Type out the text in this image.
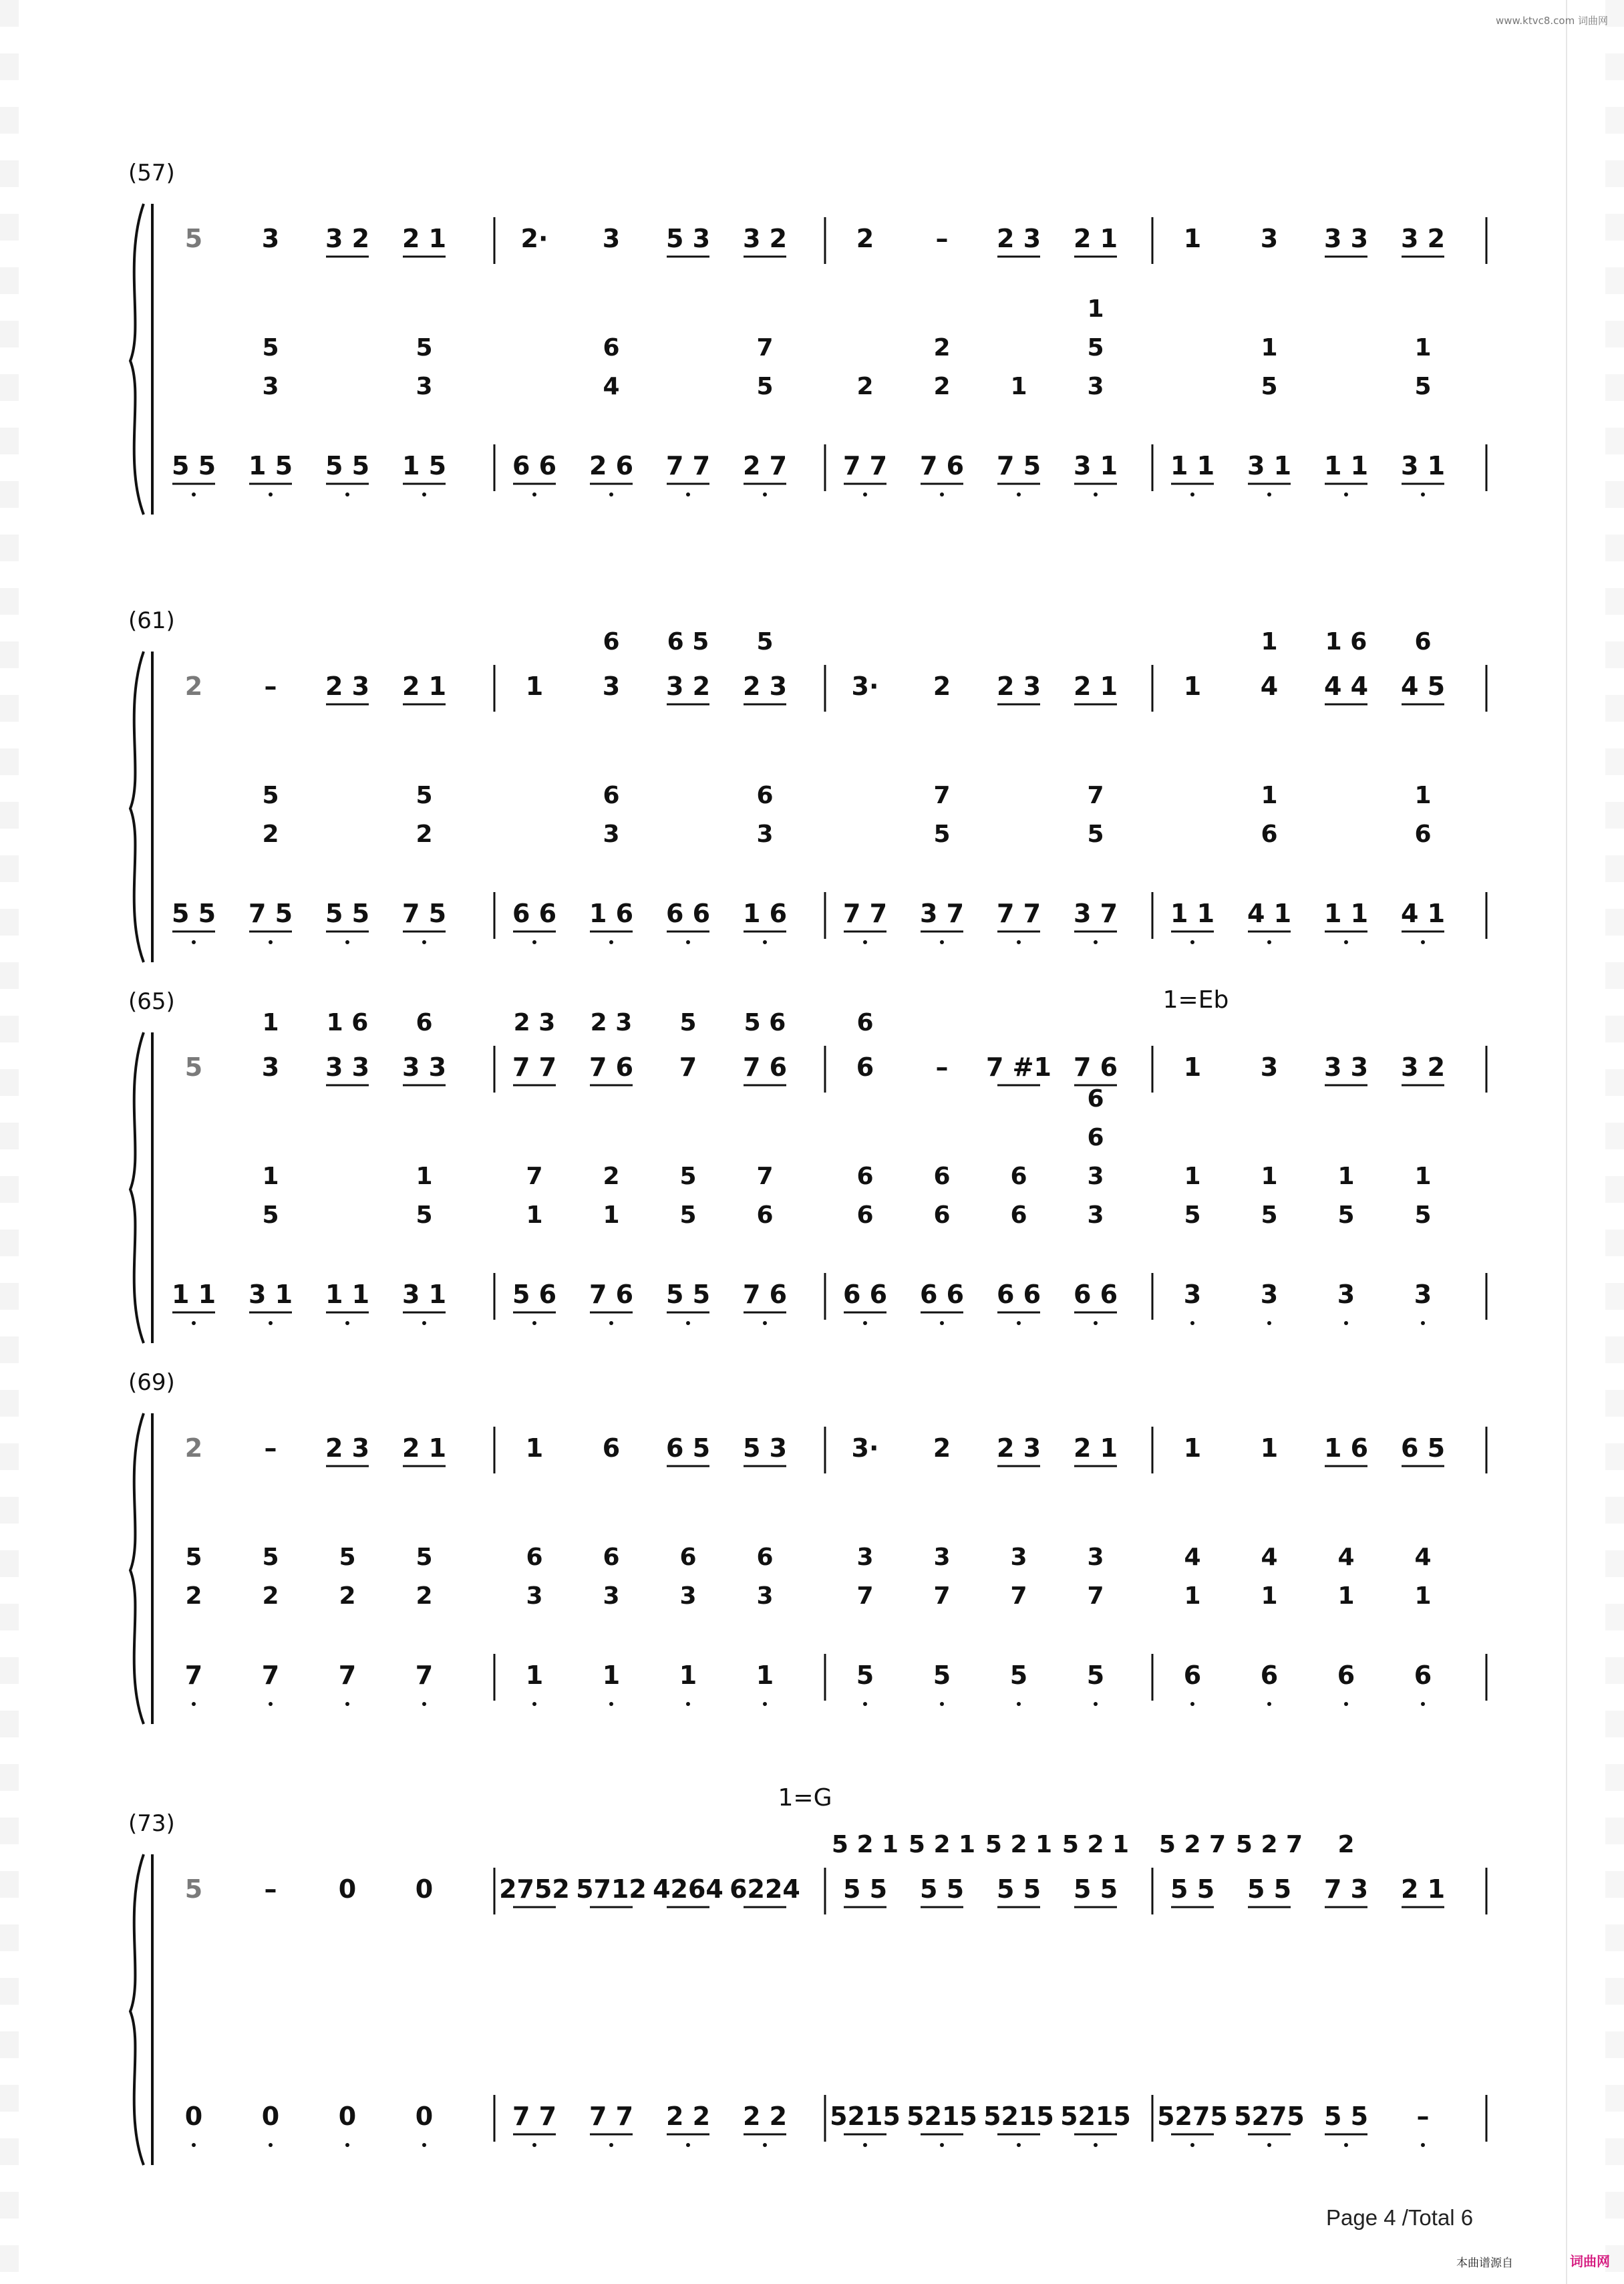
www.ktvc8.com 词曲网
(57)
5
5 5
3
5
3
1 5
3 2
5 5
2 1
5
3
1 5
2·
6 6
3
6
4
2 6
5 3
7 7
3 2
7
5
2 7
2
2
7 7
–
2
2
7 6
2 3
1
7 5
2 1
1
5
3
3 1
1
1 1
3
1
5
3 1
3 3
1 1
3 2
1
5
3 1
(61)
2
5 5
–
5
2
7 5
2 3
5 5
2 1
5
2
7 5
1
6 6
3
6
6
3
1 6
3 2
6 5
6 6
2 3
5
6
3
1 6
3·
7 7
2
7
5
3 7
2 3
7 7
2 1
7
5
3 7
1
1 1
4
1
1
6
4 1
4 4
1 6
1 1
4 5
6
1
6
4 1
(65)	1=Eb
5
1 1
3
1
1
5
3 1
3 3
1 6
1 1
3 3
6
1
5
3 1
7 7
2 3
7
1
5 6
7 6
2 3
2
1
7 6
7
5
5
5
5 5
7 6
5 6
7
6
7 6
6
6
6
6
6 6
–
6
6
6 6
7 #1
6
6
6 6
7 6
6
6
3
3
6 6
1
1
5
3
3
1
5
3
3 3
1
5
3
3 2
1
5
3
(69)
2
5
2
7
–
5
2
7
2 3
5
2
7
2 1
5
2
7
1
6
3
1
6
6
3
1
6 5
6
3
1
5 3
6
3
1
3·
3
7
5
2
3
7
5
2 3
3
7
5
2 1
3
7
5
1
4
1
6
1
4
1
6
1 6
4
1
6
6 5
4
1
6
(73)
1=G
5
0
–
0
0
0
0
0
2752
7 7
5712
7 7
4264
2 2
6224
2 2
5 5
5 2 1
5215
5 5
5 2 1
5215
5 5
5 2 1
5215
5 5
5 2 1
5215
5 5
5 2 7
5275
5 5
5 2 7
5275
7 3
2
5 5
2 1
–
Page 4 /Total 6
本曲谱源自	词曲网
